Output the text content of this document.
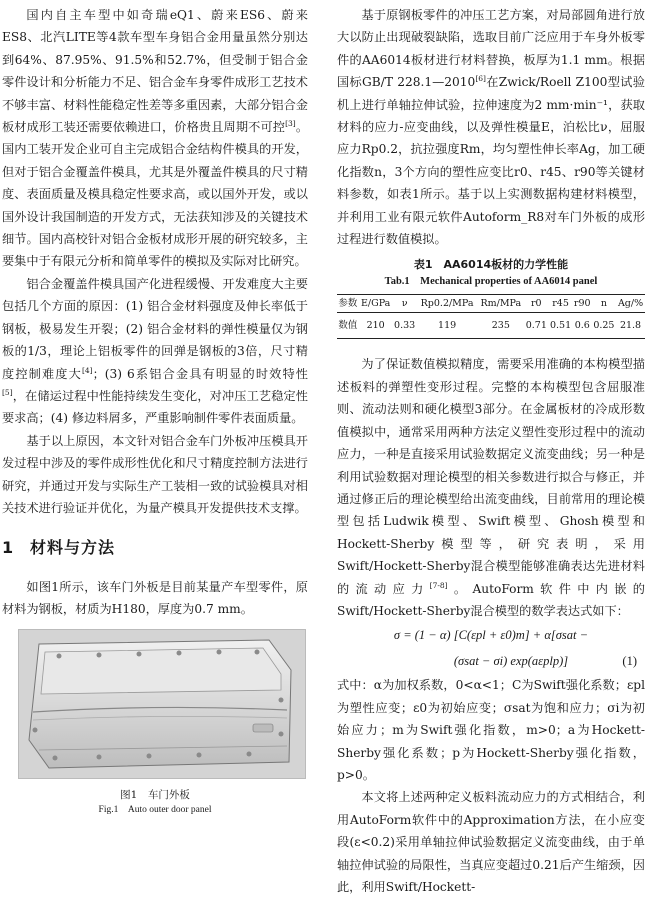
国内自主车型中如奇瑞eQ1、蔚来ES6、蔚来ES8、北汽LITE等4款车型车身铝合金用量虽然分别达到64%、87.95%、91.5%和52.7%，但受制于铝合金零件设计和分析能力不足、铝合金车身零件成形工艺技术不够丰富、材料性能稳定性差等多重因素，大部分铝合金板材成形工装还需要依赖进口，价格贵且周期不可控[3]。国内工装开发企业可自主完成铝合金结构件模具的开发，但对于铝合金覆盖件模具，尤其是外覆盖件模具的尺寸精度、表面质量及模具稳定性要求高，或以国外开发，或以国外设计我国制造的开发方式，无法获知涉及的关键技术细节。国内高校针对铝合金板材成形开展的研究较多，主要集中于有限元分析和简单零件的模拟及实际对比研究。

铝合金覆盖件模具国产化进程缓慢、开发难度大主要包括几个方面的原因：(1) 铝合金材料强度及伸长率低于钢板，极易发生开裂；(2) 铝合金材料的弹性模量仅为钢板的1/3，理论上铝板零件的回弹是钢板的3倍，尺寸精度控制难度大[4]；(3) 6系铝合金具有明显的时效特性[5]，在储运过程中性能持续发生变化，对冲压工艺稳定性要求高；(4) 修边料屑多，严重影响制件零件表面质量。

基于以上原因，本文针对铝合金车门外板冲压模具开发过程中涉及的零件成形性优化和尺寸精度控制方法进行研究，并通过开发与实际生产工装相一致的试验模具对相关技术进行验证并优化，为量产模具开发提供技术支撑。

1 材料与方法

如图1所示，该车门外板是目前某量产车型零件，原材料为钢板，材质为H180，厚度为0.7 mm。

图1　车门外板
Fig.1　Auto outer door panel

基于原钢板零件的冲压工艺方案，对局部圆角进行放大以防止出现破裂缺陷，选取目前广泛应用于车身外板零件的AA6014板材进行材料替换，板厚为1.1 mm。根据国标GB/T 228.1—2010[6]在Zwick/Roell Z100型试验机上进行单轴拉伸试验，拉伸速度为2 mm·min⁻¹，获取材料的应力-应变曲线，以及弹性模量E，泊松比ν，屈服应力Rp0.2，抗拉强度Rm，均匀塑性伸长率Ag，加工硬化指数n，3个方向的塑性应变比r0、r45、r90等关键材料参数，如表1所示。基于以上实测数据构建材料模型，并利用工业有限元软件Autoform_R8对车门外板的成形过程进行数值模拟。

表1　AA6014板材的力学性能
Tab.1　Mechanical properties of AA6014 panel
参数	E/GPa	ν	Rp0.2/MPa	Rm/MPa	r0	r45	r90	n	Ag/%
数值	210	0.33	119	235	0.71	0.51	0.6	0.25	21.8

为了保证数值模拟精度，需要采用准确的本构模型描述板料的弹塑性变形过程。完整的本构模型包含屈服准则、流动法则和硬化模型3部分。在金属板材的冷成形数值模拟中，通常采用两种方法定义塑性变形过程中的流动应力，一种是直接采用试验数据定义流变曲线；另一种是利用试验数据对理论模型的相关参数进行拟合与修正，并通过修正后的理论模型给出流变曲线，目前常用的理论模型包括Ludwik模型、Swift模型、Ghosh模型和Hockett-Sherby模型等，研究表明，采用Swift/Hockett-Sherby混合模型能够准确表达先进材料的流动应力[7-8]。AutoForm软件中内嵌的Swift/Hockett-Sherby混合模型的数学表达式如下：

σ = (1 − α) [C(εpl + ε0)m] + α[σsat −
(σsat − σi) exp(aεplp)]	(1)

式中：α为加权系数，0<α<1；C为Swift强化系数；εpl为塑性应变；ε0为初始应变；σsat为饱和应力；σi为初始应力；m为Swift强化指数，m>0；a为Hockett-Sherby强化系数；p为Hockett-Sherby强化指数，p>0。

本文将上述两种定义板料流动应力的方式相结合，利用AutoForm软件中的Approximation方法，在小应变段(ε<0.2)采用单轴拉伸试验数据定义流变曲线，由于单轴拉伸试验的局限性，当真应变超过0.21后产生缩颈，因此，利用Swift/Hockett-
